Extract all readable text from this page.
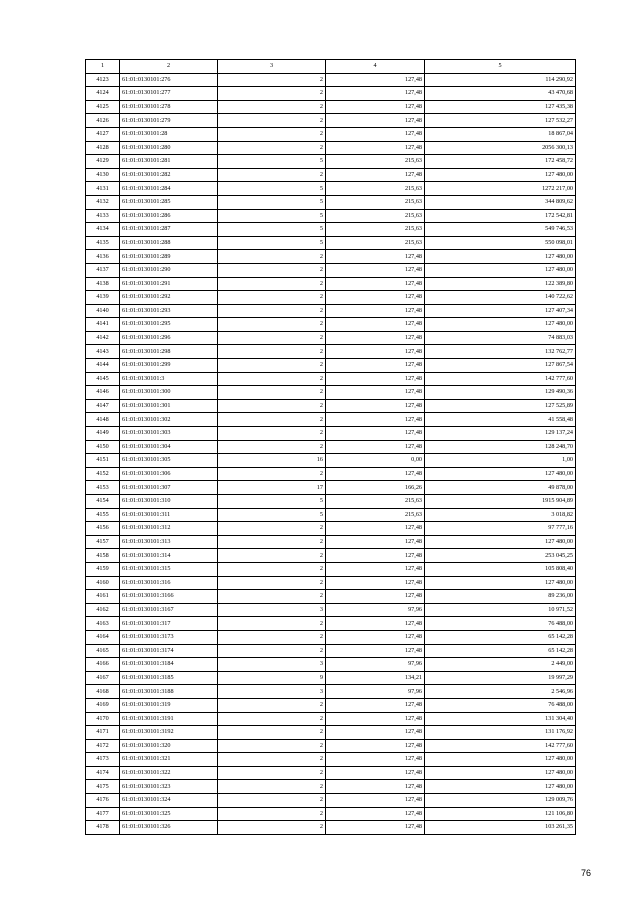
1	2	3	4	5
4123	61:01:0130101:276	2	127,48	114 290,92
4124	61:01:0130101:277	2	127,48	43 470,68
4125	61:01:0130101:278	2	127,48	127 435,38
4126	61:01:0130101:279	2	127,48	127 532,27
4127	61:01:0130101:28	2	127,48	18 867,04
4128	61:01:0130101:280	2	127,48	2056 300,13
4129	61:01:0130101:281	5	215,63	172 458,72
4130	61:01:0130101:282	2	127,48	127 480,00
4131	61:01:0130101:284	5	215,63	1272 217,00
4132	61:01:0130101:285	5	215,63	344 809,62
4133	61:01:0130101:286	5	215,63	172 542,81
4134	61:01:0130101:287	5	215,63	549 746,53
4135	61:01:0130101:288	5	215,63	550 098,01
4136	61:01:0130101:289	2	127,48	127 480,00
4137	61:01:0130101:290	2	127,48	127 480,00
4138	61:01:0130101:291	2	127,48	122 389,80
4139	61:01:0130101:292	2	127,48	140 722,62
4140	61:01:0130101:293	2	127,48	127 407,34
4141	61:01:0130101:295	2	127,48	127 480,00
4142	61:01:0130101:296	2	127,48	74 883,03
4143	61:01:0130101:298	2	127,48	132 762,77
4144	61:01:0130101:299	2	127,48	127 867,54
4145	61:01:0130101:3	2	127,48	142 777,60
4146	61:01:0130101:300	2	127,48	129 490,36
4147	61:01:0130101:301	2	127,48	127 525,89
4148	61:01:0130101:302	2	127,48	41 558,48
4149	61:01:0130101:303	2	127,48	129 137,24
4150	61:01:0130101:304	2	127,48	128 248,70
4151	61:01:0130101:305	16	0,00	1,00
4152	61:01:0130101:306	2	127,48	127 480,00
4153	61:01:0130101:307	17	166,26	49 878,00
4154	61:01:0130101:310	5	215,63	1915 904,89
4155	61:01:0130101:311	5	215,63	3 018,82
4156	61:01:0130101:312	2	127,48	97 777,16
4157	61:01:0130101:313	2	127,48	127 480,00
4158	61:01:0130101:314	2	127,48	253 045,25
4159	61:01:0130101:315	2	127,48	105 808,40
4160	61:01:0130101:316	2	127,48	127 480,00
4161	61:01:0130101:3166	2	127,48	89 236,00
4162	61:01:0130101:3167	3	97,96	10 971,52
4163	61:01:0130101:317	2	127,48	76 488,00
4164	61:01:0130101:3173	2	127,48	65 142,28
4165	61:01:0130101:3174	2	127,48	65 142,28
4166	61:01:0130101:3184	3	97,96	2 449,00
4167	61:01:0130101:3185	9	134,21	19 997,29
4168	61:01:0130101:3188	3	97,96	2 546,96
4169	61:01:0130101:319	2	127,48	76 488,00
4170	61:01:0130101:3191	2	127,48	131 304,40
4171	61:01:0130101:3192	2	127,48	131 176,92
4172	61:01:0130101:320	2	127,48	142 777,60
4173	61:01:0130101:321	2	127,48	127 480,00
4174	61:01:0130101:322	2	127,48	127 480,00
4175	61:01:0130101:323	2	127,48	127 480,00
4176	61:01:0130101:324	2	127,48	129 009,76
4177	61:01:0130101:325	2	127,48	121 106,80
4178	61:01:0130101:326	2	127,48	103 261,35
76
